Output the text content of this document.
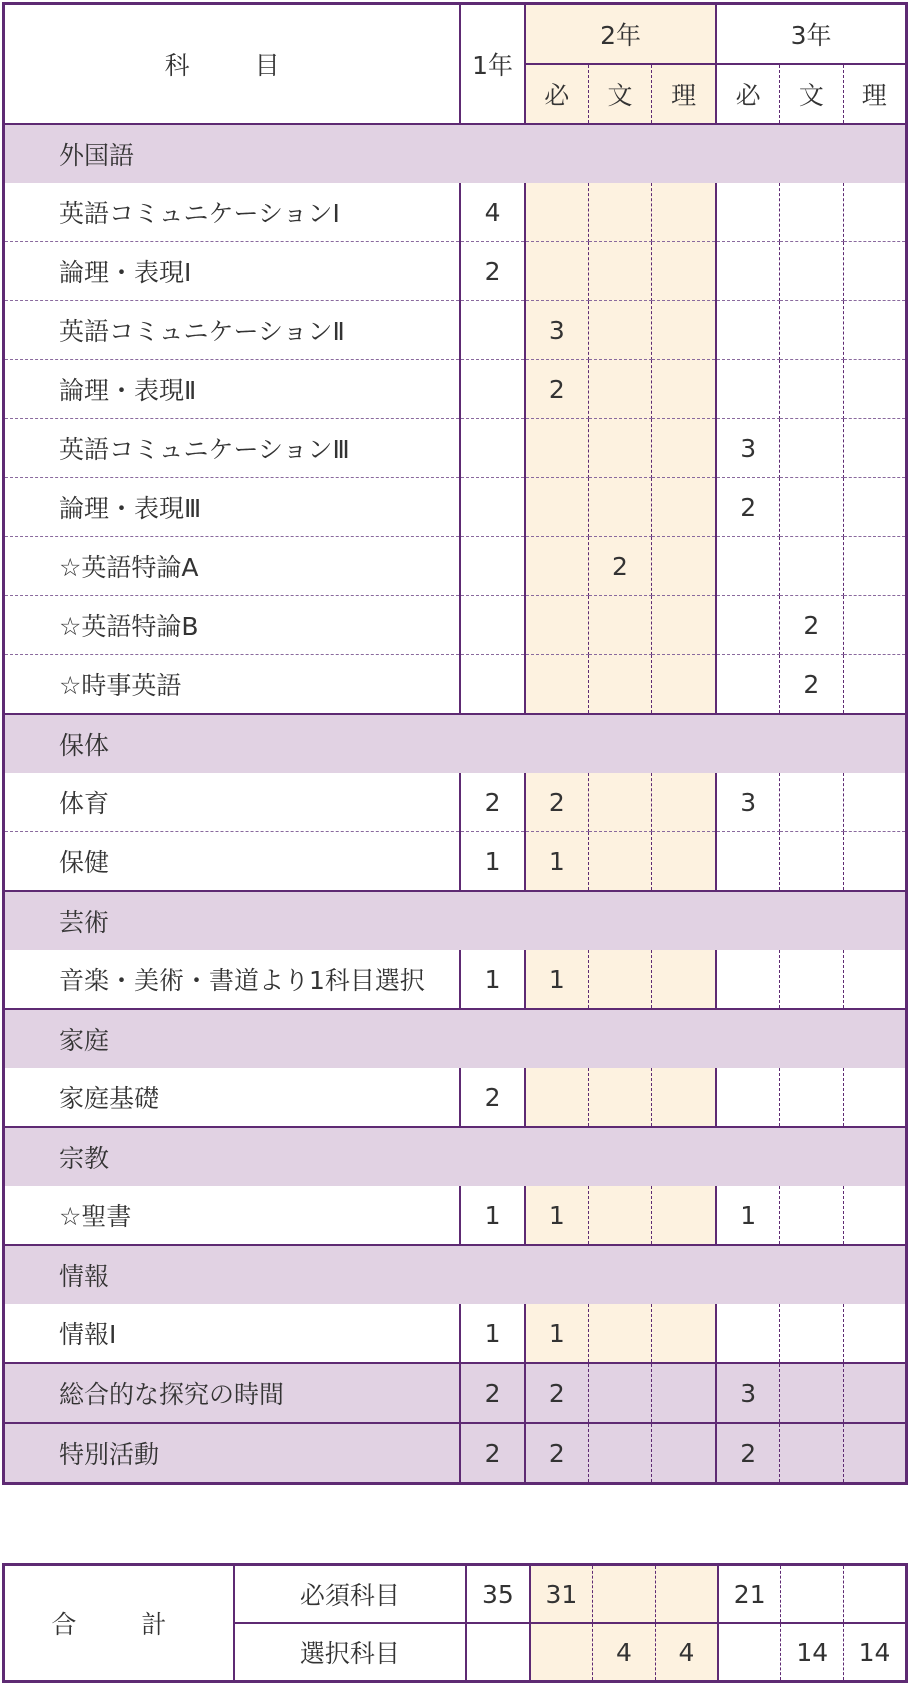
科　目	1年	2年			3年		
		必	文	理	必	文	理
外国語							
英語コミュニケーションⅠ	4						
論理・表現Ⅰ	2						
英語コミュニケーションⅡ		3					
論理・表現Ⅱ		2					
英語コミュニケーションⅢ					3		
論理・表現Ⅲ					2		
☆英語特論A			2				
☆英語特論B						2	
☆時事英語						2	
保体							
体育	2	2			3		
保健	1	1					
芸術							
音楽・美術・書道より1科目選択	1	1					
家庭							
家庭基礎	2						
宗教							
☆聖書	1	1			1		
情報							
情報Ⅰ	1	1					
総合的な探究の時間	2	2			3		
特別活動	2	2			2		
合　計	必須科目	35	31			21		
	選択科目			4	4		14	14
